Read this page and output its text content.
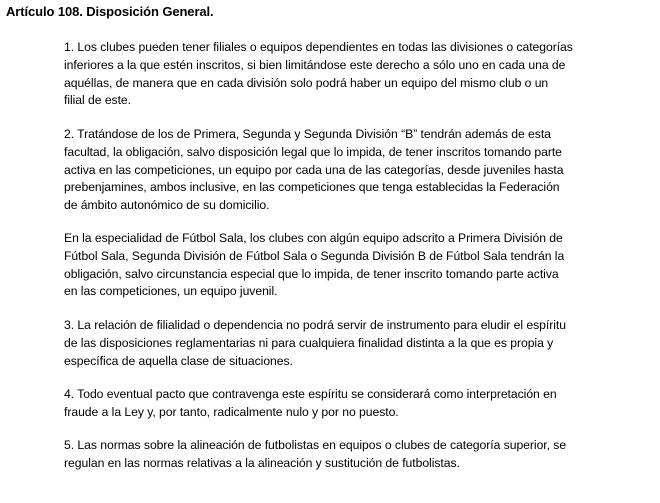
Artículo 108. Disposición General.
1. Los clubes pueden tener filiales o equipos dependientes en todas las divisiones o categorías
inferiores a la que estén inscritos, si bien limitándose este derecho a sólo uno en cada una de
aquéllas, de manera que en cada división solo podrá haber un equipo del mismo club o un
filial de este.
2. Tratándose de los de Primera, Segunda y Segunda División “B” tendrán además de esta
facultad, la obligación, salvo disposición legal que lo impida, de tener inscritos tomando parte
activa en las competiciones, un equipo por cada una de las categorías, desde juveniles hasta
prebenjamines, ambos inclusive, en las competiciones que tenga establecidas la Federación
de ámbito autonómico de su domicilio.
En la especialidad de Fútbol Sala, los clubes con algún equipo adscrito a Primera División de
Fútbol Sala, Segunda División de Fútbol Sala o Segunda División B de Fútbol Sala tendrán la
obligación, salvo circunstancia especial que lo impida, de tener inscrito tomando parte activa
en las competiciones, un equipo juvenil.
3. La relación de filialidad o dependencia no podrá servir de instrumento para eludir el espíritu
de las disposiciones reglamentarias ni para cualquiera finalidad distinta a la que es propia y
específica de aquella clase de situaciones.
4. Todo eventual pacto que contravenga este espíritu se considerará como interpretación en
fraude a la Ley y, por tanto, radicalmente nulo y por no puesto.
5. Las normas sobre la alineación de futbolistas en equipos o clubes de categoría superior, se
regulan en las normas relativas a la alineación y sustitución de futbolistas.
